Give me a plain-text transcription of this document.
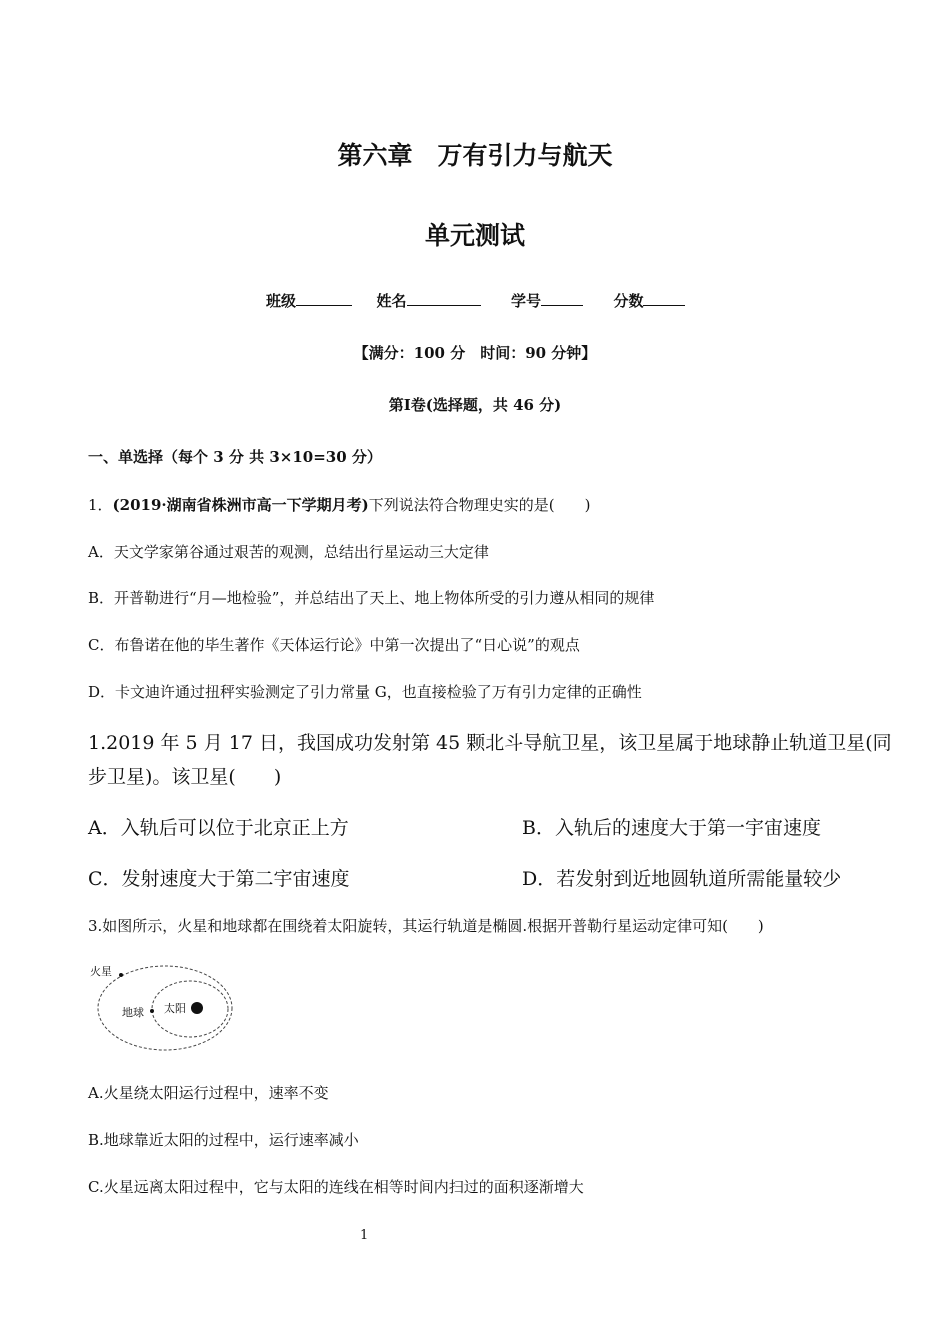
第六章　万有引力与航天
单元测试
班级	姓名	学号	分数
【满分：100 分　时间：90 分钟】
第Ⅰ卷(选择题，共 46 分)
一、单选择（每个 3 分 共 3×10=30 分）
1．(2019·湖南省株洲市高一下学期月考)下列说法符合物理史实的是(　　)
A．天文学家第谷通过艰苦的观测，总结出行星运动三大定律
B．开普勒进行“月—地检验”，并总结出了天上、地上物体所受的引力遵从相同的规律
C．布鲁诺在他的毕生著作《天体运行论》中第一次提出了“日心说”的观点
D．卡文迪许通过扭秤实验测定了引力常量 G，也直接检验了万有引力定律的正确性
1.2019 年 5 月 17 日，我国成功发射第 45 颗北斗导航卫星，该卫星属于地球静止轨道卫星(同
步卫星)。该卫星(　　)
A．入轨后可以位于北京正上方	B．入轨后的速度大于第一宇宙速度
C．发射速度大于第二宇宙速度	D．若发射到近地圆轨道所需能量较少
3.如图所示，火星和地球都在围绕着太阳旋转，其运行轨道是椭圆.根据开普勒行星运动定律可知(　　)
火星
地球 太阳
A.火星绕太阳运行过程中，速率不变
B.地球靠近太阳的过程中，运行速率减小
C.火星远离太阳过程中，它与太阳的连线在相等时间内扫过的面积逐渐增大
1
